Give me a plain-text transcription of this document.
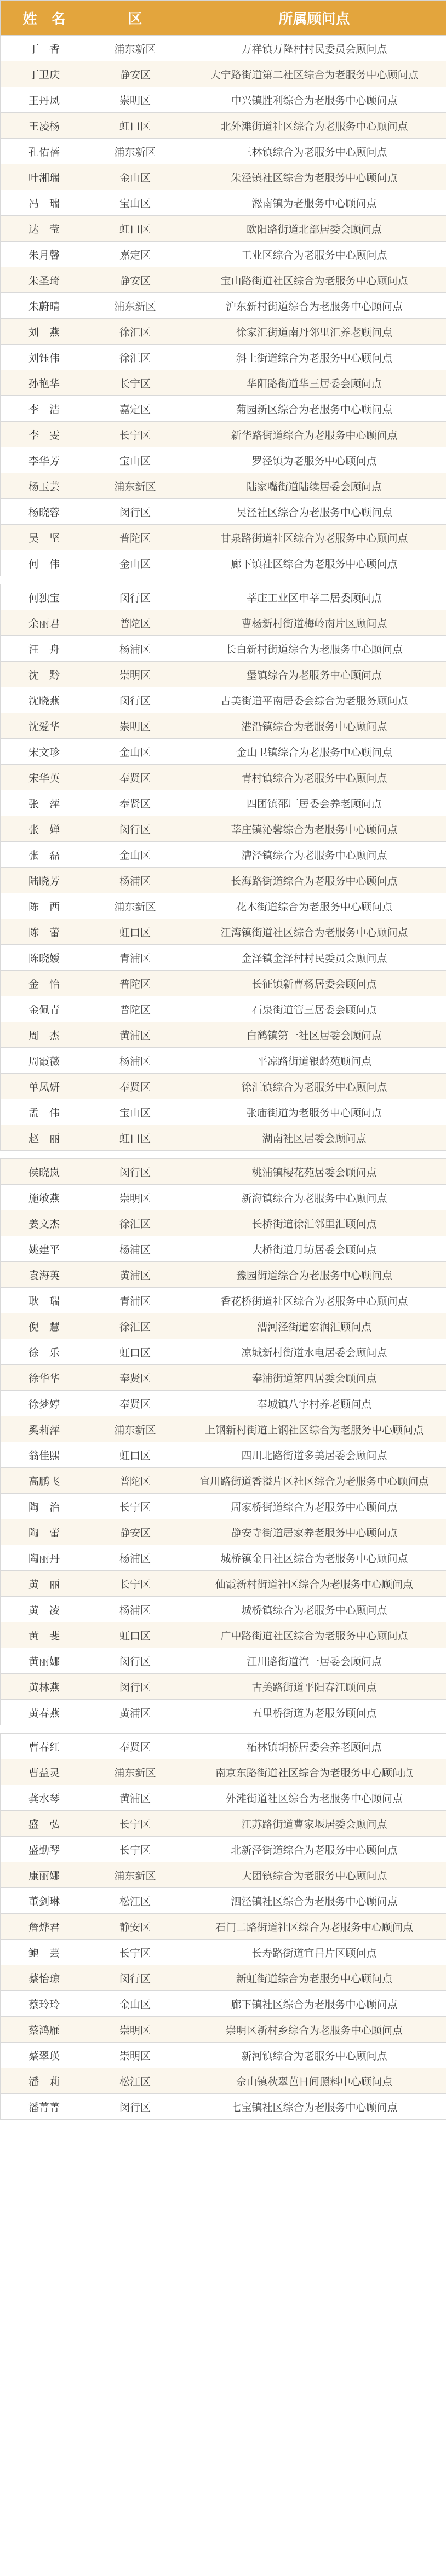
姓　名	区	所属顾问点
丁　香	浦东新区	万祥镇万隆村村民委员会顾问点
丁卫庆	静安区	大宁路街道第二社区综合为老服务中心顾问点
王丹凤	崇明区	中兴镇胜利综合为老服务中心顾问点
王凌杨	虹口区	北外滩街道社区综合为老服务中心顾问点
孔佑蓓	浦东新区	三林镇综合为老服务中心顾问点
叶湘瑞	金山区	朱泾镇社区综合为老服务中心顾问点
冯　瑞	宝山区	淞南镇为老服务中心顾问点
达　莹	虹口区	欧阳路街道北部居委会顾问点
朱月馨	嘉定区	工业区综合为老服务中心顾问点
朱圣琦	静安区	宝山路街道社区综合为老服务中心顾问点
朱蔚晴	浦东新区	沪东新村街道综合为老服务中心顾问点
刘　燕	徐汇区	徐家汇街道南丹邻里汇养老顾问点
刘钰伟	徐汇区	斜土街道综合为老服务中心顾问点
孙艳华	长宁区	华阳路街道华三居委会顾问点
李　洁	嘉定区	菊园新区综合为老服务中心顾问点
李　雯	长宁区	新华路街道综合为老服务中心顾问点
李华芳	宝山区	罗泾镇为老服务中心顾问点
杨玉芸	浦东新区	陆家嘴街道陆续居委会顾问点
杨晓蓉	闵行区	吴泾社区综合为老服务中心顾问点
吴　坚	普陀区	甘泉路街道社区综合为老服务中心顾问点
何　伟	金山区	廊下镇社区综合为老服务中心顾问点

何独宝	闵行区	莘庄工业区申莘二居委顾问点
余丽君	普陀区	曹杨新村街道梅岭南片区顾问点
汪　舟	杨浦区	长白新村街道综合为老服务中心顾问点
沈　黔	崇明区	堡镇综合为老服务中心顾问点
沈晓燕	闵行区	古美街道平南居委会综合为老服务顾问点
沈爱华	崇明区	港沿镇综合为老服务中心顾问点
宋文珍	金山区	金山卫镇综合为老服务中心顾问点
宋华英	奉贤区	青村镇综合为老服务中心顾问点
张　萍	奉贤区	四团镇邵厂居委会养老顾问点
张　婵	闵行区	莘庄镇沁馨综合为老服务中心顾问点
张　磊	金山区	漕泾镇综合为老服务中心顾问点
陆晓芳	杨浦区	长海路街道综合为老服务中心顾问点
陈　西	浦东新区	花木街道综合为老服务中心顾问点
陈　蕾	虹口区	江湾镇街道社区综合为老服务中心顾问点
陈晓嫒	青浦区	金泽镇金泽村村民委员会顾问点
金　怡	普陀区	长征镇新曹杨居委会顾问点
金佩青	普陀区	石泉街道管三居委会顾问点
周　杰	黄浦区	白鹤镇第一社区居委会顾问点
周霞薇	杨浦区	平凉路街道银龄苑顾问点
单凤妍	奉贤区	徐汇镇综合为老服务中心顾问点
孟　伟	宝山区	张庙街道为老服务中心顾问点
赵　丽	虹口区	湖南社区居委会顾问点

侯晓岚	闵行区	桃浦镇樱花苑居委会顾问点
施敏燕	崇明区	新海镇综合为老服务中心顾问点
姜文杰	徐汇区	长桥街道徐汇邻里汇顾问点
姚建平	杨浦区	大桥街道月坊居委会顾问点
袁海英	黄浦区	豫园街道综合为老服务中心顾问点
耿　瑞	青浦区	香花桥街道社区综合为老服务中心顾问点
倪　慧	徐汇区	漕河泾街道宏润汇顾问点
徐　乐	虹口区	凉城新村街道水电居委会顾问点
徐华华	奉贤区	奉浦街道第四居委会顾问点
徐梦婷	奉贤区	奉城镇八字村养老顾问点
奚莉萍	浦东新区	上钢新村街道上钢社区综合为老服务中心顾问点
翁佳熙	虹口区	四川北路街道多美居委会顾问点
高鹏飞	普陀区	宜川路街道香溢片区社区综合为老服务中心顾问点
陶　治	长宁区	周家桥街道综合为老服务中心顾问点
陶　蕾	静安区	静安寺街道居家养老服务中心顾问点
陶丽丹	杨浦区	城桥镇金日社区综合为老服务中心顾问点
黄　丽	长宁区	仙霞新村街道社区综合为老服务中心顾问点
黄　凌	杨浦区	城桥镇综合为老服务中心顾问点
黄　斐	虹口区	广中路街道社区综合为老服务中心顾问点
黄丽娜	闵行区	江川路街道汽一居委会顾问点
黄林燕	闵行区	古美路街道平阳春江顾问点
黄春燕	黄浦区	五里桥街道为老服务顾问点

曹春红	奉贤区	柘林镇胡桥居委会养老顾问点
曹益灵	浦东新区	南京东路街道社区综合为老服务中心顾问点
龚水琴	黄浦区	外滩街道社区综合为老服务中心顾问点
盛　弘	长宁区	江苏路街道曹家堰居委会顾问点
盛勤琴	长宁区	北新泾街道综合为老服务中心顾问点
康丽娜	浦东新区	大团镇综合为老服务中心顾问点
董剑琳	松江区	泗泾镇社区综合为老服务中心顾问点
詹烨君	静安区	石门二路街道社区综合为老服务中心顾问点
鲍　芸	长宁区	长寿路街道宜昌片区顾问点
蔡怡琼	闵行区	新虹街道综合为老服务中心顾问点
蔡玲玲	金山区	廊下镇社区综合为老服务中心顾问点
蔡鸿雁	崇明区	崇明区新村乡综合为老服务中心顾问点
蔡翠瑛	崇明区	新河镇综合为老服务中心顾问点
潘　莉	松江区	佘山镇秋翠芭日间照料中心顾问点
潘菁菁	闵行区	七宝镇社区综合为老服务中心顾问点
